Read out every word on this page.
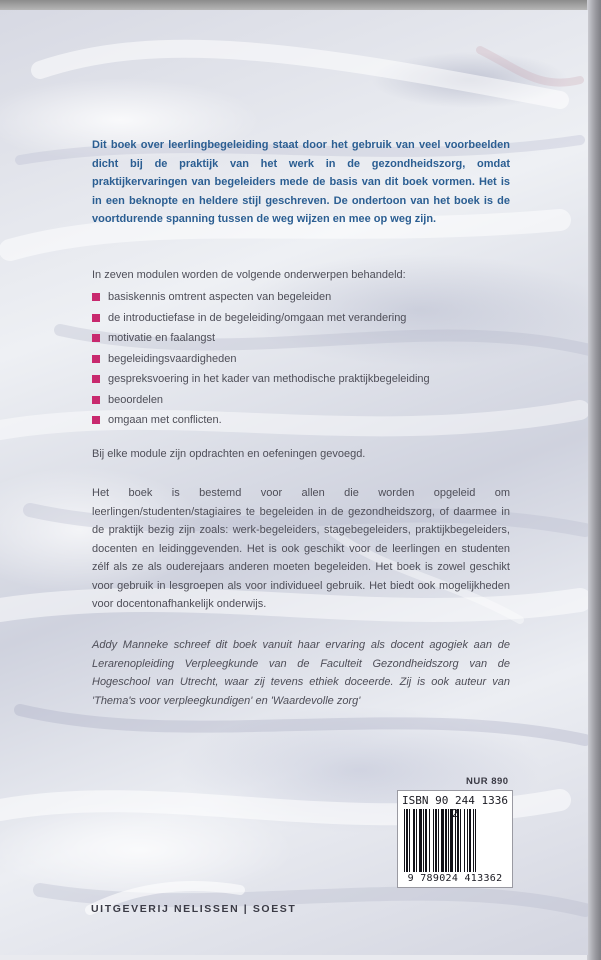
Dit boek over leerlingbegeleiding staat door het gebruik van veel voorbeelden dicht bij de praktijk van het werk in de gezondheidszorg, omdat praktijkervaringen van begeleiders mede de basis van dit boek vormen. Het is in een beknopte en heldere stijl geschreven. De ondertoon van het boek is de voortdurende spanning tussen de weg wijzen en mee op weg zijn.
In zeven modulen worden de volgende onderwerpen behandeld:
basiskennis omtrent aspecten van begeleiden
de introductiefase in de begeleiding/omgaan met verandering
motivatie en faalangst
begeleidingsvaardigheden
gespreksvoering in het kader van methodische praktijkbegeleiding
beoordelen
omgaan met conflicten.
Bij elke module zijn opdrachten en oefeningen gevoegd.
Het boek is bestemd voor allen die worden opgeleid om leerlingen/studenten/stagiaires te begeleiden in de gezondheidszorg, of daarmee in de praktijk bezig zijn zoals: werk-begeleiders, stagebegeleiders, praktijkbegeleiders, docenten en leidinggevenden. Het is ook geschikt voor de leerlingen en studenten zélf als ze als ouderejaars anderen moeten begeleiden. Het boek is zowel geschikt voor gebruik in lesgroepen als voor individueel gebruik. Het biedt ook mogelijkheden voor docentonafhankelijk onderwijs.
Addy Manneke schreef dit boek vanuit haar ervaring als docent agogiek aan de Lerarenopleiding Verpleegkunde van de Faculteit Gezondheidszorg van de Hogeschool van Utrecht, waar zij tevens ethiek doceerde. Zij is ook auteur van 'Thema's voor verpleegkundigen' en 'Waardevolle zorg'
NUR 890
ISBN 90 244 1336
9 789024 413362
UITGEVERIJ NELISSEN | SOEST
